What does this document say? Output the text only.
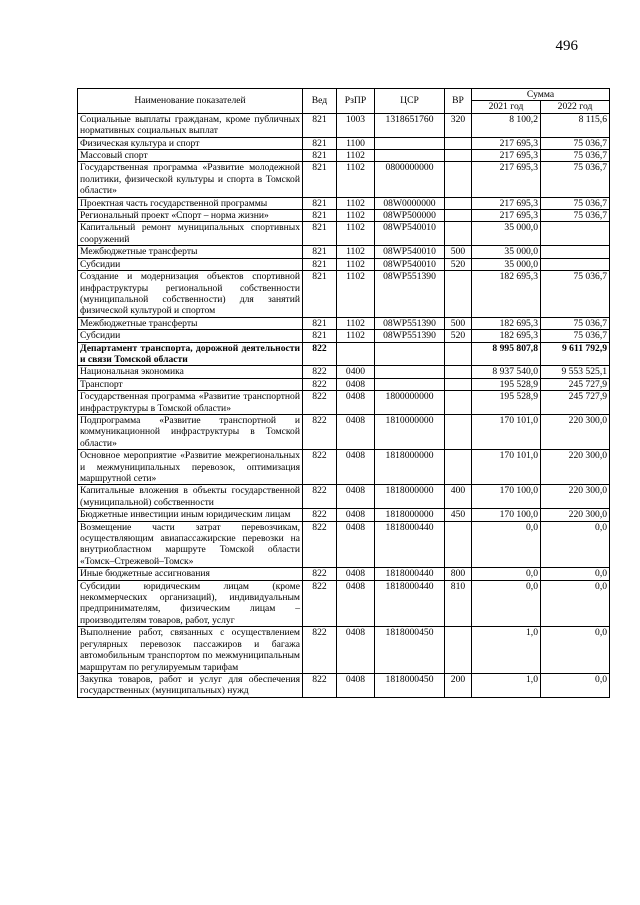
496
Наименование показателей	Вед	РзПР	ЦСР	ВР	Сумма	
					2021 год	2022 год
Социальные выплаты гражданам, кроме публичных нормативных социальных выплат	821	1003	1318651760	320	8 100,2	8 115,6
Физическая культура и спорт	821	1100			217 695,3	75 036,7
Массовый спорт	821	1102			217 695,3	75 036,7
Государственная программа «Развитие молодежной политики, физической культуры и спорта в Томской области»	821	1102	0800000000		217 695,3	75 036,7
Проектная часть государственной программы	821	1102	08W0000000		217 695,3	75 036,7
Региональный проект «Спорт – норма жизни»	821	1102	08WP500000		217 695,3	75 036,7
Капитальный ремонт муниципальных спортивных сооружений	821	1102	08WP540010		35 000,0	
Межбюджетные трансферты	821	1102	08WP540010	500	35 000,0	
Субсидии	821	1102	08WP540010	520	35 000,0	
Создание и модернизация объектов спортивной инфраструктуры региональной собственности (муниципальной собственности) для занятий физической культурой и спортом	821	1102	08WP551390		182 695,3	75 036,7
Межбюджетные трансферты	821	1102	08WP551390	500	182 695,3	75 036,7
Субсидии	821	1102	08WP551390	520	182 695,3	75 036,7
Департамент транспорта, дорожной деятельности и связи Томской области	822				8 995 807,8	9 611 792,9
Национальная экономика	822	0400			8 937 540,0	9 553 525,1
Транспорт	822	0408			195 528,9	245 727,9
Государственная программа «Развитие транспортной инфраструктуры в Томской области»	822	0408	1800000000		195 528,9	245 727,9
Подпрограмма «Развитие транспортной и коммуникационной инфраструктуры в Томской области»	822	0408	1810000000		170 101,0	220 300,0
Основное мероприятие «Развитие межрегиональных и межмуниципальных перевозок, оптимизация маршрутной сети»	822	0408	1818000000		170 101,0	220 300,0
Капитальные вложения в объекты государственной (муниципальной) собственности	822	0408	1818000000	400	170 100,0	220 300,0
Бюджетные инвестиции иным юридическим лицам	822	0408	1818000000	450	170 100,0	220 300,0
Возмещение части затрат перевозчикам, осуществляющим авиапассажирские перевозки на внутриобластном маршруте Томской области «Томск–Стрежевой–Томск»	822	0408	1818000440		0,0	0,0
Иные бюджетные ассигнования	822	0408	1818000440	800	0,0	0,0
Субсидии юридическим лицам (кроме некоммерческих организаций), индивидуальным предпринимателям, физическим лицам – производителям товаров, работ, услуг	822	0408	1818000440	810	0,0	0,0
Выполнение работ, связанных с осуществлением регулярных перевозок пассажиров и багажа автомобильным транспортом по межмуниципальным маршрутам по регулируемым тарифам	822	0408	1818000450		1,0	0,0
Закупка товаров, работ и услуг для обеспечения государственных (муниципальных) нужд	822	0408	1818000450	200	1,0	0,0
